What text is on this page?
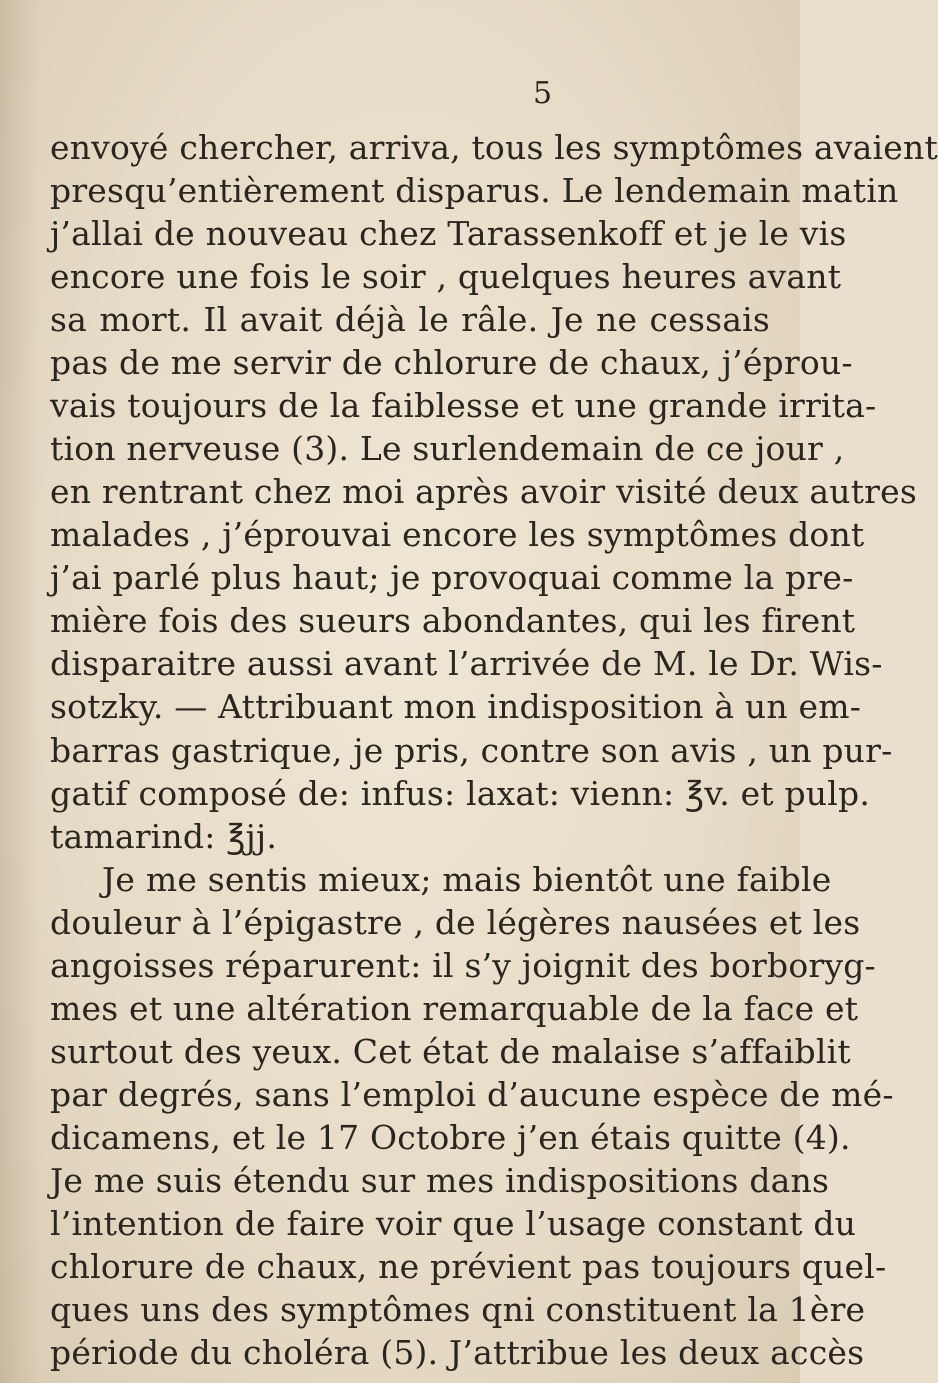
5
envoyé chercher, arriva, tous les symptômes avaient
presqu’entièrement disparus. Le lendemain matin
j’allai de nouveau chez Tarassenkoff et je le vis
encore une fois le soir , quelques heures avant
sa mort. Il avait déjà le râle. Je ne cessais
pas de me servir de chlorure de chaux, j’éprou-
vais toujours de la faiblesse et une grande irrita-
tion nerveuse (3). Le surlendemain de ce jour ,
en rentrant chez moi après avoir visité deux autres
malades , j’éprouvai encore les symptômes dont
j’ai parlé plus haut; je provoquai comme la pre-
mière fois des sueurs abondantes, qui les firent
disparaitre aussi avant l’arrivée de M. le Dr. Wis-
sotzky. — Attribuant mon indisposition à un em-
barras gastrique, je pris, contre son avis , un pur-
gatif composé de: infus: laxat: vienn: ℥v. et pulp.
tamarind: ℥jj.
Je me sentis mieux; mais bientôt une faible
douleur à l’épigastre , de légères nausées et les
angoisses réparurent: il s’y joignit des borboryg-
mes et une altération remarquable de la face et
surtout des yeux. Cet état de malaise s’affaiblit
par degrés, sans l’emploi d’aucune espèce de mé-
dicamens, et le 17 Octobre j’en étais quitte (4).
Je me suis étendu sur mes indispositions dans
l’intention de faire voir que l’usage constant du
chlorure de chaux, ne prévient pas toujours quel-
ques uns des symptômes qni constituent la 1ère
période du choléra (5). J’attribue les deux accès
